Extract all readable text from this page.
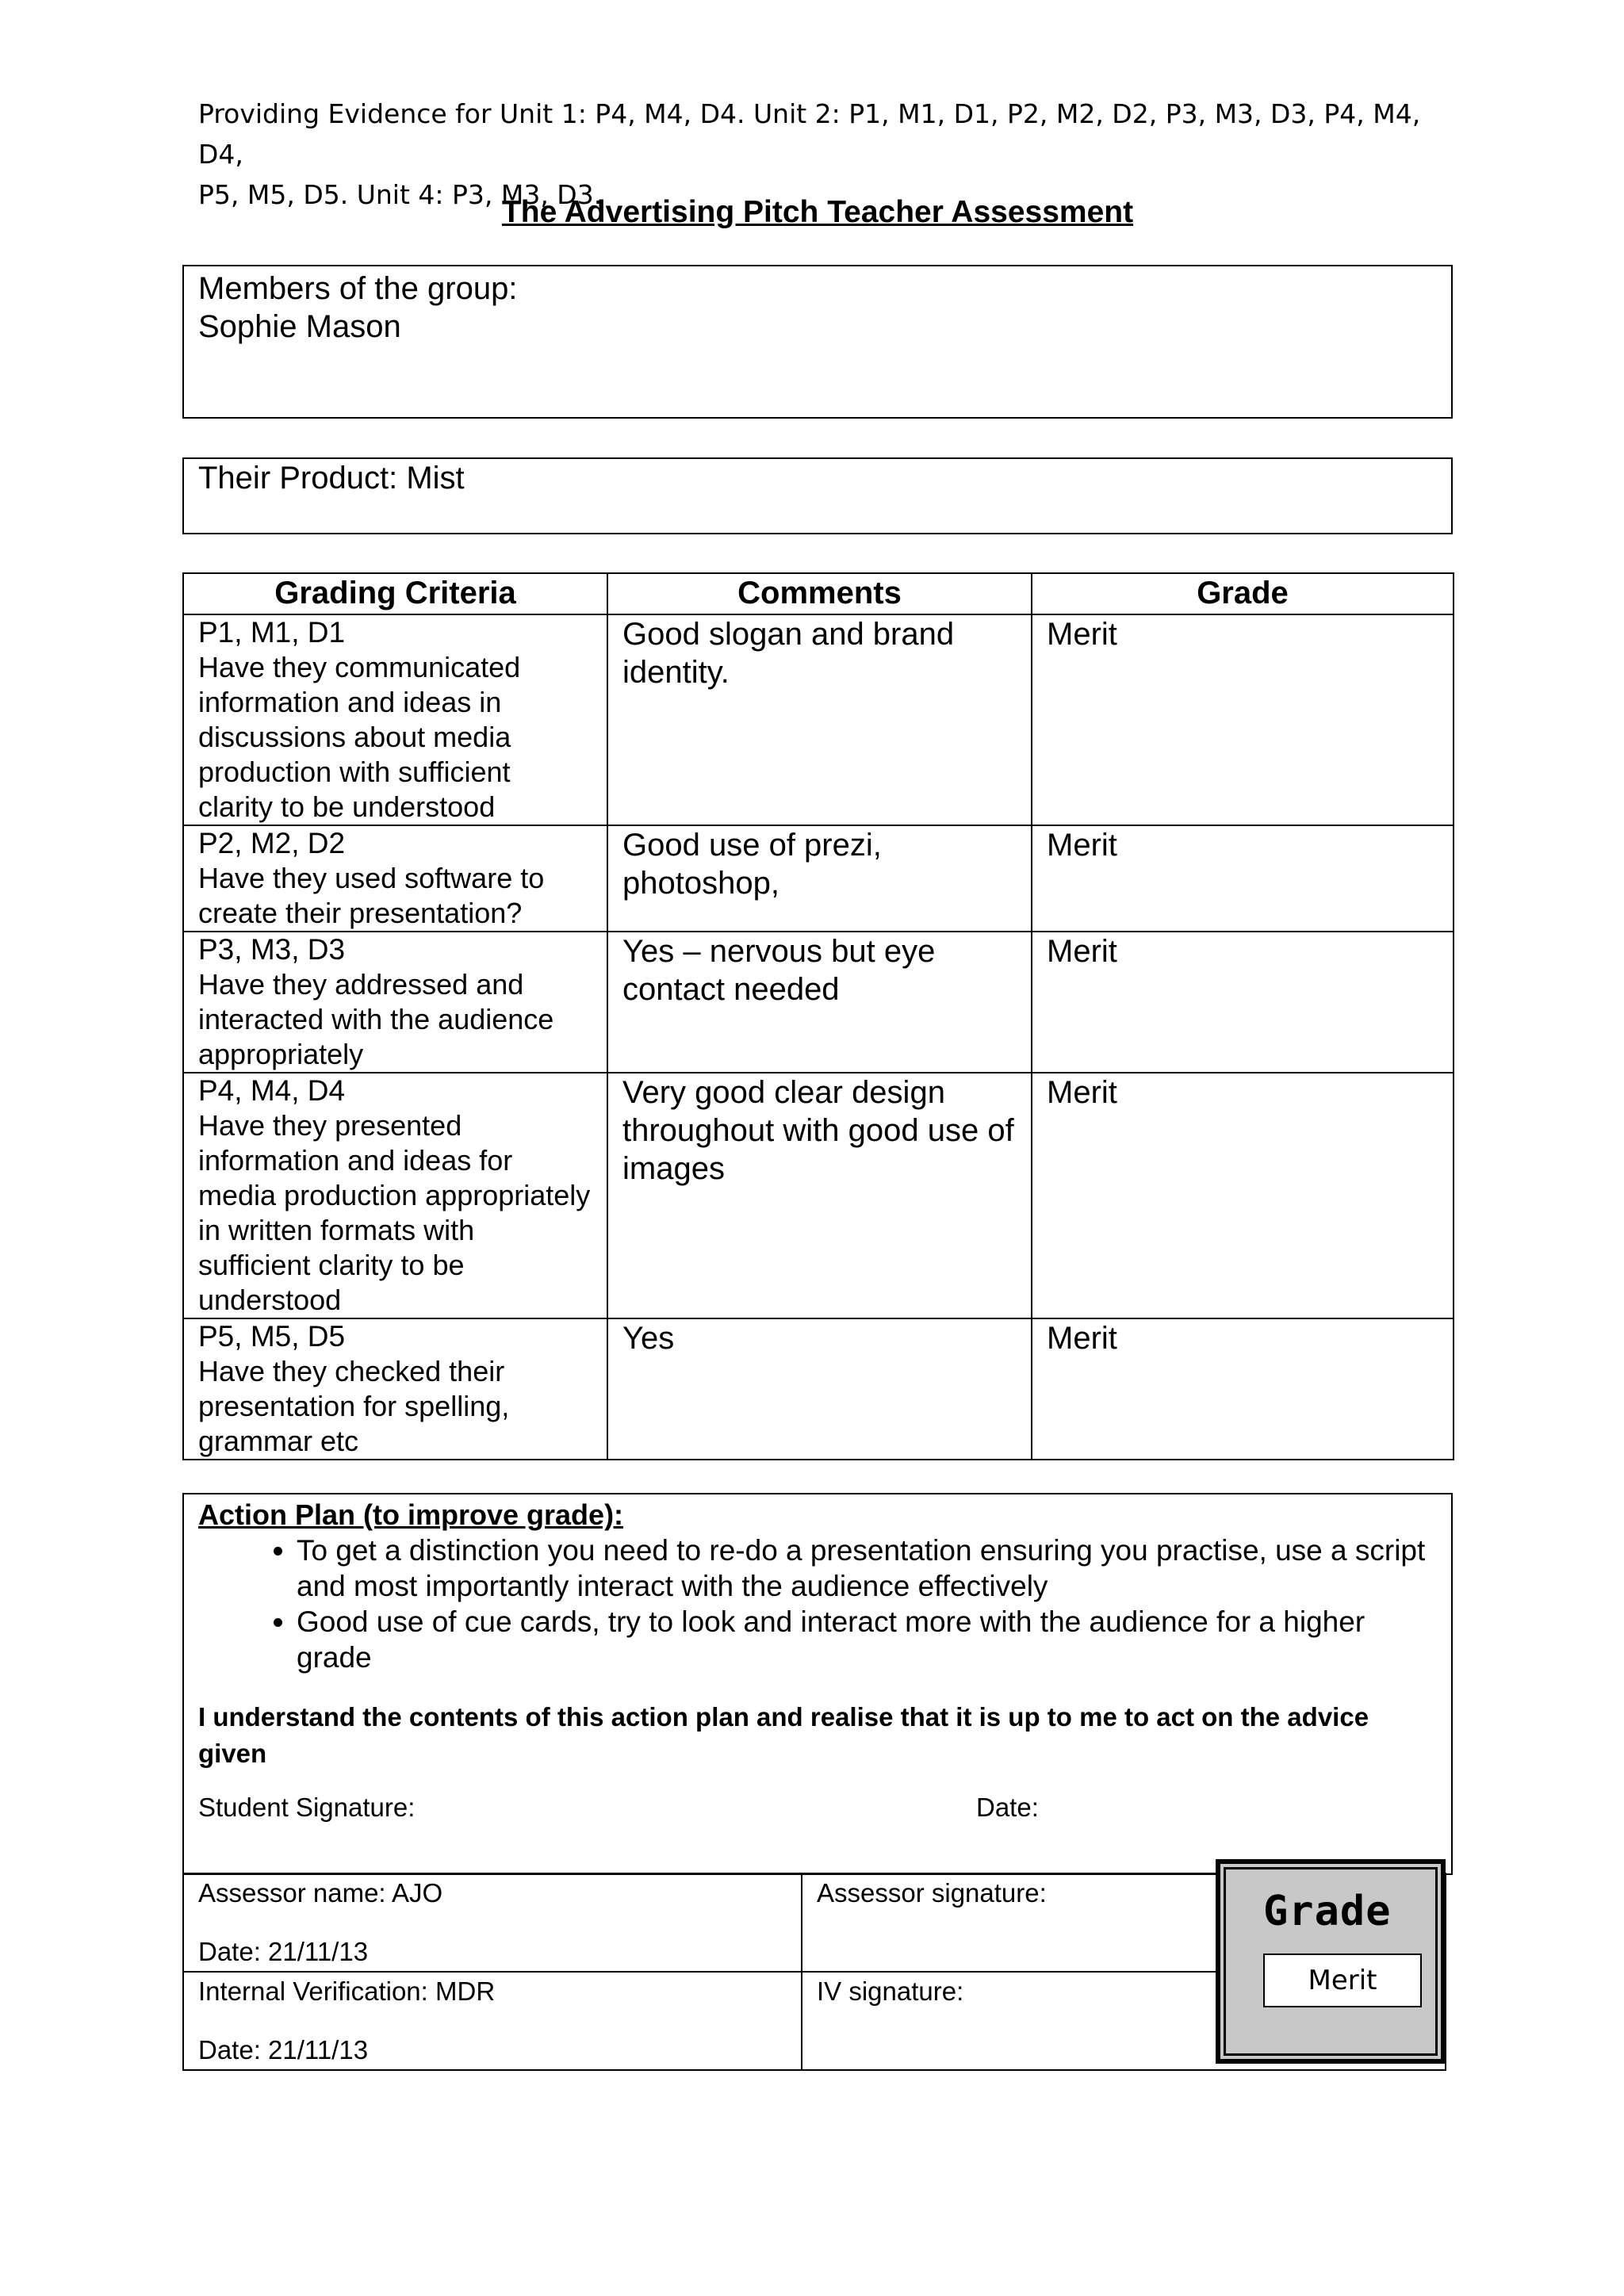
Providing Evidence for Unit 1: P4, M4, D4. Unit 2: P1, M1, D1, P2, M2, D2, P3, M3, D3, P4, M4, D4,
P5, M5, D5. Unit 4: P3, M3, D3.
The Advertising Pitch Teacher Assessment
Members of the group:
Sophie Mason
Their Product: Mist
Grading Criteria	Comments	Grade

P1, M1, D1
Have they communicated information and ideas in discussions about media production with sufficient clarity to be understood	Good slogan and brand identity.	Merit

P2, M2, D2
Have they used software to create their presentation?	Good use of prezi, photoshop,	Merit

P3, M3, D3
Have they addressed and interacted with the audience appropriately	Yes – nervous but eye contact needed	Merit

P4, M4, D4
Have they presented information and ideas for media production appropriately in written formats with sufficient clarity to be understood	Very good clear design throughout with good use of images	Merit

P5, M5, D5
Have they checked their presentation for spelling, grammar etc	Yes	Merit
Action Plan (to improve grade):
• To get a distinction you need to re-do a presentation ensuring you practise, use a script and most importantly interact with the audience effectively
• Good use of cue cards, try to look and interact more with the audience for a higher grade
I understand the contents of this action plan and realise that it is up to me to act on the advice given
Student Signature:	Date:
Assessor name: AJO
Date: 21/11/13	Assessor signature:

Internal Verification: MDR
Date: 21/11/13	IV signature:
Grade
Merit
